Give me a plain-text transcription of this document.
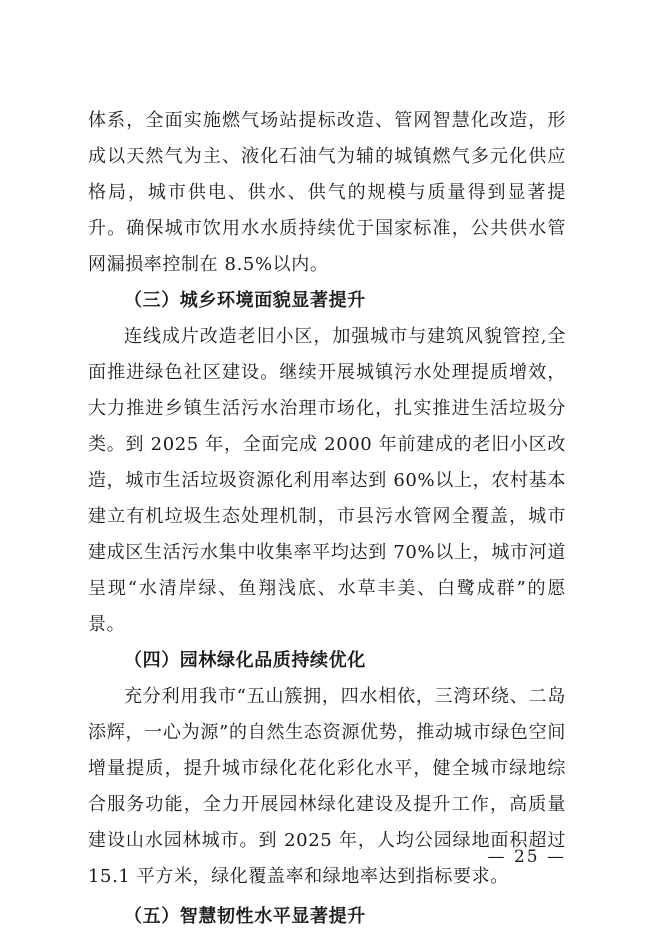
体系，全面实施燃气场站提标改造、管网智慧化改造，形成以天然气为主、液化石油气为辅的城镇燃气多元化供应格局，城市供电、供水、供气的规模与质量得到显著提升。确保城市饮用水水质持续优于国家标准，公共供水管网漏损率控制在 8.5%以内。

（三）城乡环境面貌显著提升

连线成片改造老旧小区，加强城市与建筑风貌管控,全面推进绿色社区建设。继续开展城镇污水处理提质增效，大力推进乡镇生活污水治理市场化，扎实推进生活垃圾分类。到 2025 年，全面完成 2000 年前建成的老旧小区改造，城市生活垃圾资源化利用率达到 60%以上，农村基本建立有机垃圾生态处理机制，市县污水管网全覆盖，城市建成区生活污水集中收集率平均达到 70%以上，城市河道呈现“水清岸绿、鱼翔浅底、水草丰美、白鹭成群”的愿景。

（四）园林绿化品质持续优化

充分利用我市“五山簇拥，四水相依，三湾环绕、二岛添辉，一心为源”的自然生态资源优势，推动城市绿色空间增量提质，提升城市绿化花化彩化水平，健全城市绿地综合服务功能，全力开展园林绿化建设及提升工作，高质量建设山水园林城市。到 2025 年，人均公园绿地面积超过 15.1 平方米，绿化覆盖率和绿地率达到指标要求。

（五）智慧韧性水平显著提升

— 25 —
